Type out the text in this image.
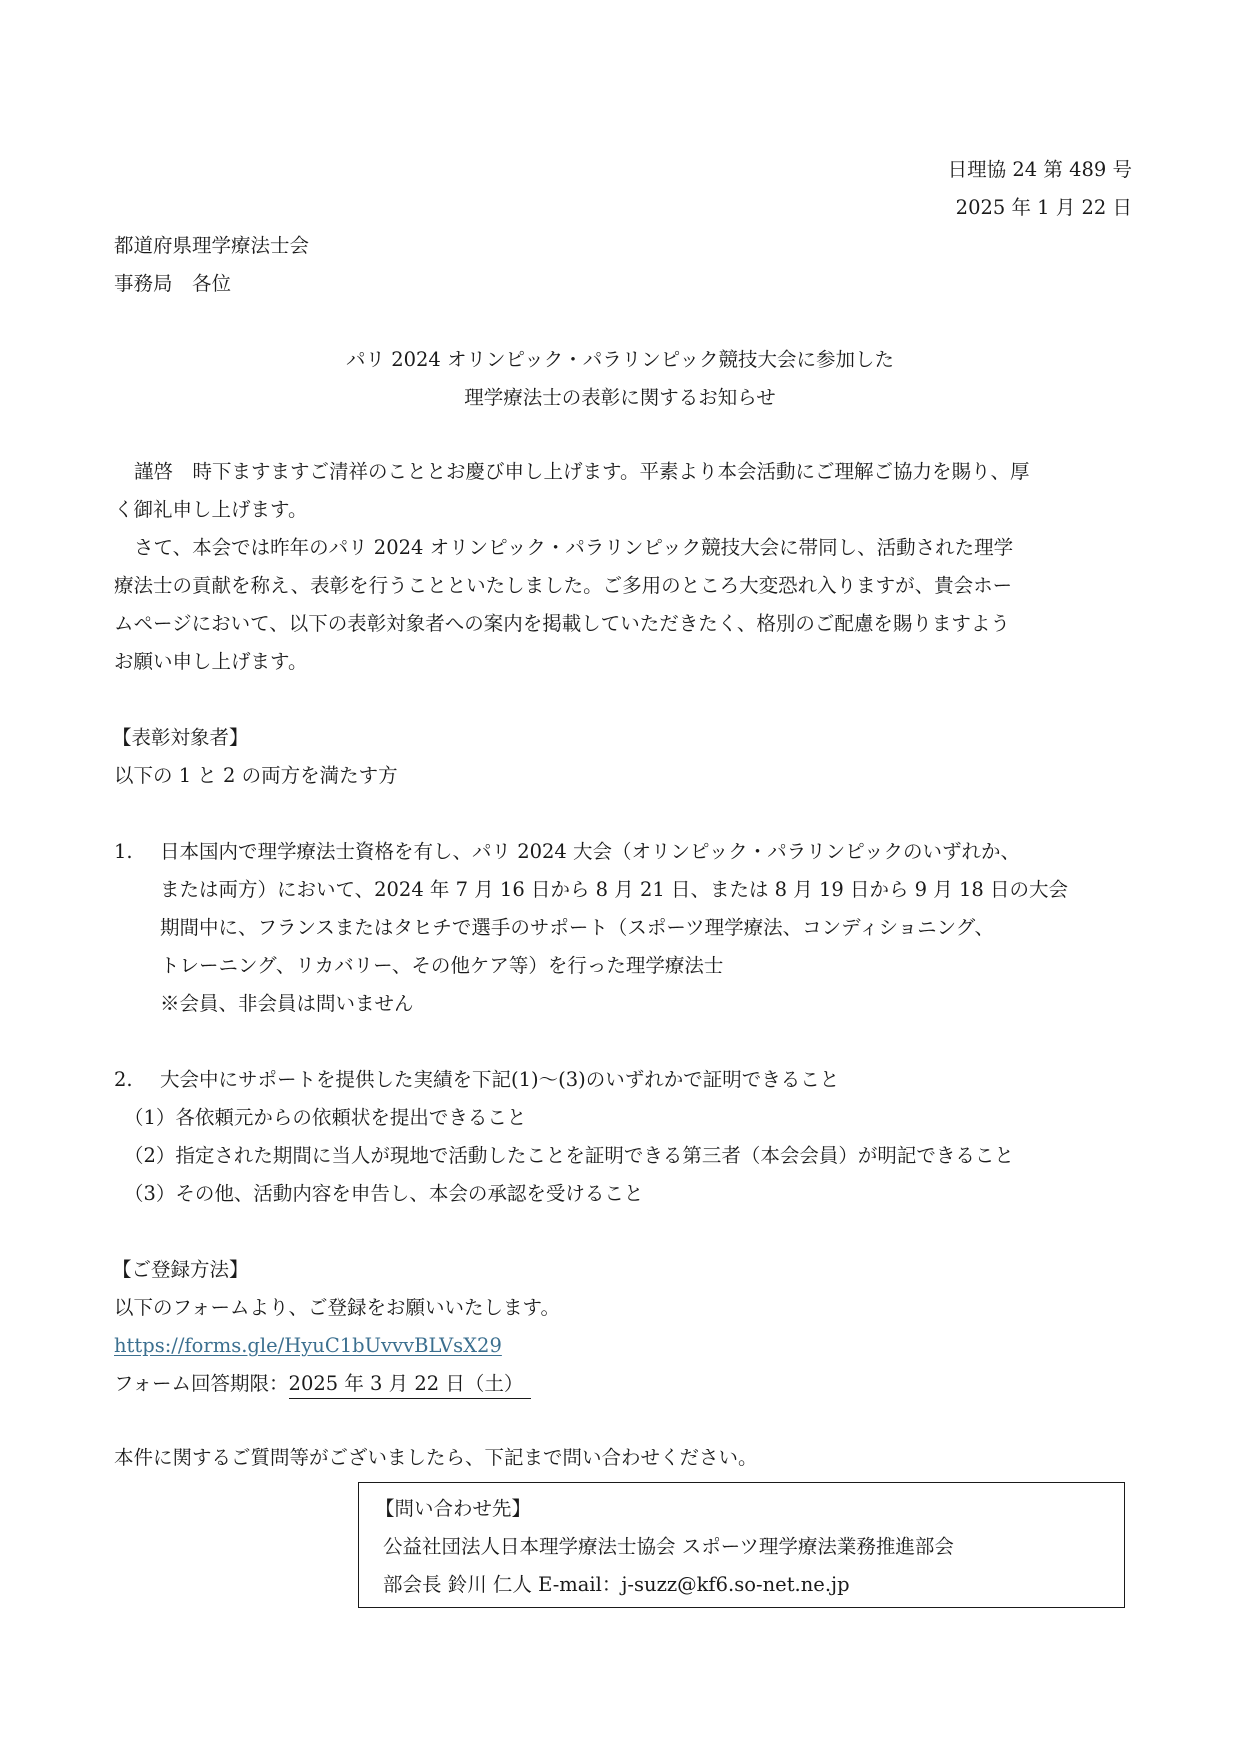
日理協 24 第 489 号
2025 年 1 月 22 日
都道府県理学療法士会
事務局　各位
パリ 2024 オリンピック・パラリンピック競技大会に参加した
理学療法士の表彰に関するお知らせ
謹啓　時下ますますご清祥のこととお慶び申し上げます。平素より本会活動にご理解ご協力を賜り、厚
く御礼申し上げます。
さて、本会では昨年のパリ 2024 オリンピック・パラリンピック競技大会に帯同し、活動された理学
療法士の貢献を称え、表彰を行うことといたしました。ご多用のところ大変恐れ入りますが、貴会ホー
ムページにおいて、以下の表彰対象者への案内を掲載していただきたく、格別のご配慮を賜りますよう
お願い申し上げます。
【表彰対象者】
以下の 1 と 2 の両方を満たす方
1. 日本国内で理学療法士資格を有し、パリ 2024 大会（オリンピック・パラリンピックのいずれか、
または両方）において、2024 年 7 月 16 日から 8 月 21 日、または 8 月 19 日から 9 月 18 日の大会
期間中に、フランスまたはタヒチで選手のサポート（スポーツ理学療法、コンディショニング、
トレーニング、リカバリー、その他ケア等）を行った理学療法士
※会員、非会員は問いません
2. 大会中にサポートを提供した実績を下記(1)～(3)のいずれかで証明できること
（1）各依頼元からの依頼状を提出できること
（2）指定された期間に当人が現地で活動したことを証明できる第三者（本会会員）が明記できること
（3）その他、活動内容を申告し、本会の承認を受けること
【ご登録方法】
以下のフォームより、ご登録をお願いいたします。
https://forms.gle/HyuC1bUvvvBLVsX29
フォーム回答期限：2025 年 3 月 22 日（土）
本件に関するご質問等がございましたら、下記まで問い合わせください。
【問い合わせ先】
公益社団法人日本理学療法士協会 スポーツ理学療法業務推進部会
部会長 鈴川 仁人 E-mail：j-suzz@kf6.so-net.ne.jp
